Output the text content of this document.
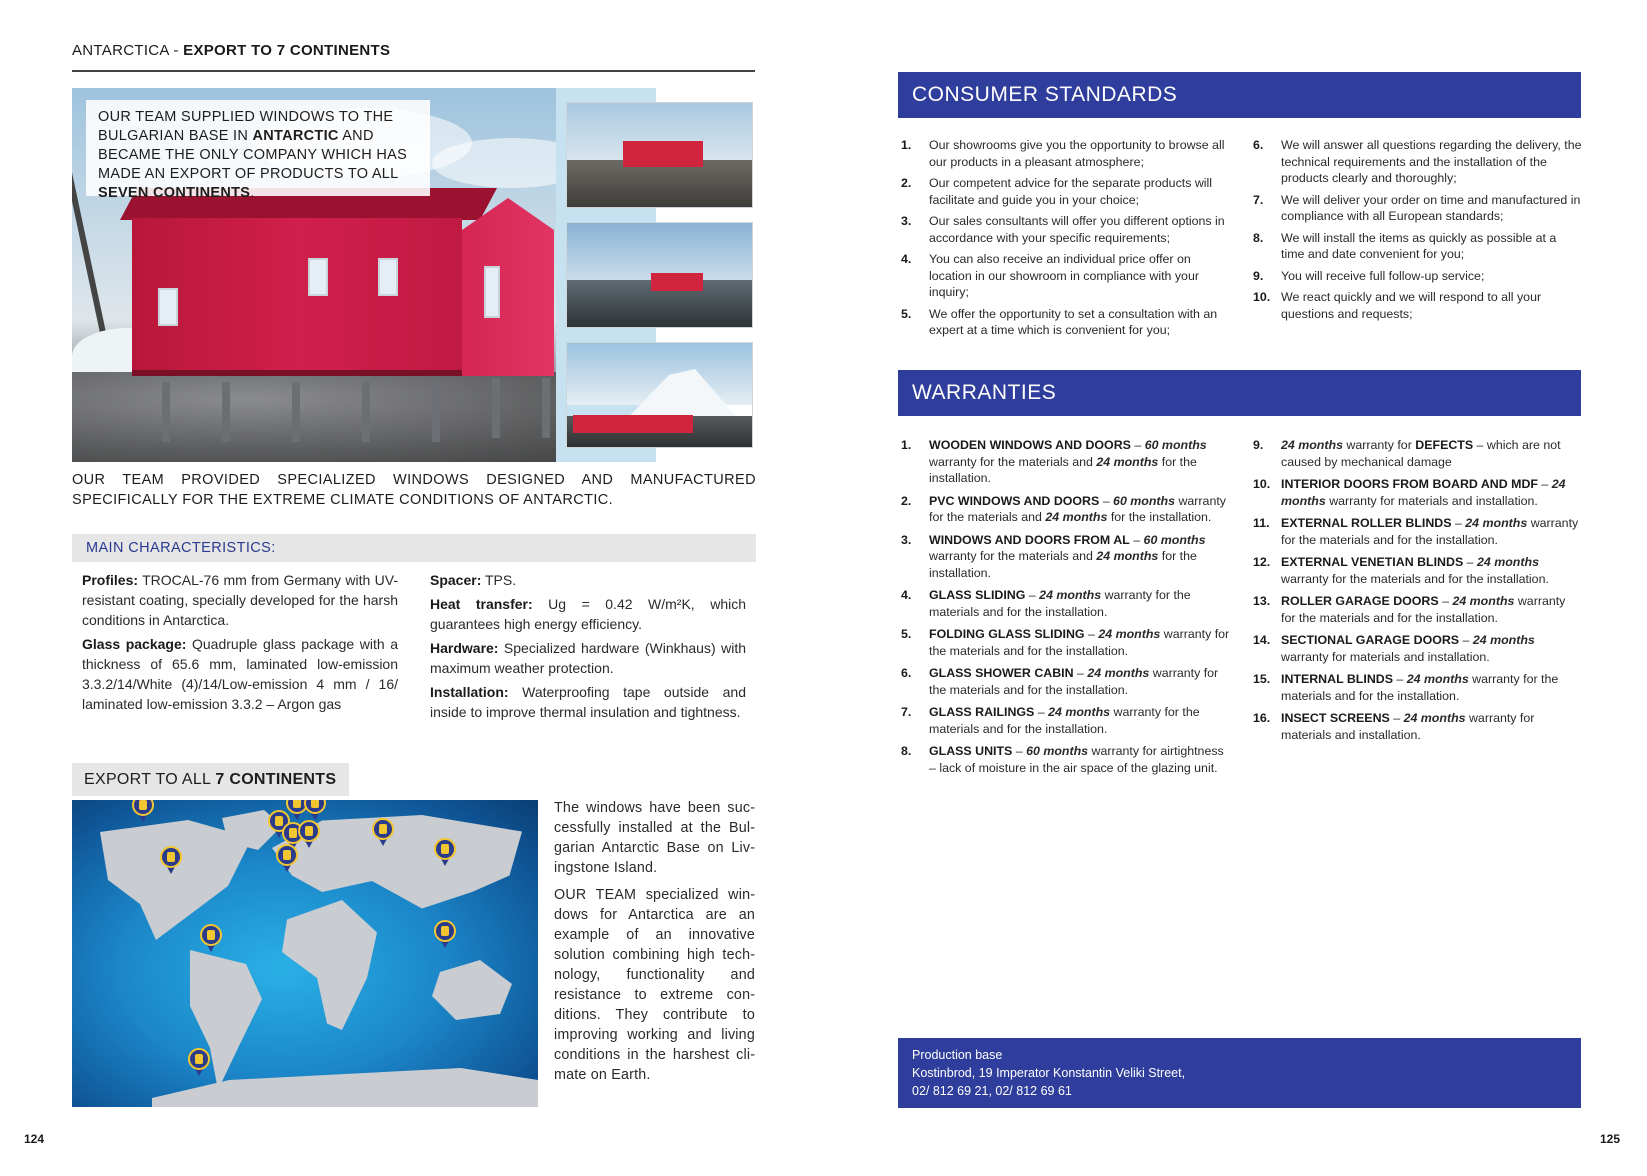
ANTARCTICA - EXPORT TO 7 CONTINENTS
OUR TEAM SUPPLIED WINDOWS TO THE BULGARIAN BASE IN ANTARCTIC AND BECAME THE ONLY COMPANY WHICH HAS MADE AN EXPORT OF PRODUCTS TO ALL SEVEN CONTINENTS.
OUR TEAM PROVIDED SPECIALIZED WINDOWS DESIGNED AND MANUFACTURED SPECIFICALLY FOR THE EXTREME CLIMATE CONDITIONS OF ANTARCTIC.
MAIN CHARACTERISTICS:

Profiles: TROCAL-76 mm from Germany with UV-resistant coating, specially developed for the harsh conditions in Antarctica.

Glass package: Quadruple glass package with a thickness of 65.6 mm, laminated low-emission 3.3.2/14/White (4)/14/Low-emission 4 mm / 16/ laminated low-emission 3.3.2 – Argon gas

Spacer: TPS.

Heat transfer: Ug = 0.42 W/m²K, which guarantees high energy efficiency.

Hardware: Specialized hardware (Winkhaus) with maximum weather protection.

Installation: Waterproofing tape outside and inside to improve thermal insulation and tightness.

EXPORT TO ALL 7 CONTINENTS

The windows have been successfully installed at the Bulgarian Antarctic Base on Livingstone Island.

OUR TEAM specialized windows for Antarctica are an example of an innovative solution combining high technology, functionality and resistance to extreme conditions. They contribute to improving working and living conditions in the harshest climate on Earth.

124
CONSUMER STANDARDS
1. Our showrooms give you the opportunity to browse all our products in a pleasant atmosphere;
2. Our competent advice for the separate products will facilitate and guide you in your choice;
3. Our sales consultants will offer you different options in accordance with your specific requirements;
4. You can also receive an individual price offer on location in our showroom in compliance with your inquiry;
5. We offer the opportunity to set a consultation with an expert at a time which is convenient for you;
6. We will answer all questions regarding the delivery, the technical requirements and the installation of the products clearly and thoroughly;
7. We will deliver your order on time and manufactured in compliance with all European standards;
8. We will install the items as quickly as possible at a time and date convenient for you;
9. You will receive full follow-up service;
10. We react quickly and we will respond to all your questions and requests;
WARRANTIES
1. WOODEN WINDOWS AND DOORS – 60 months warranty for the materials and 24 months for the installation.
2. PVC WINDOWS AND DOORS – 60 months warranty for the materials and 24 months for the installation.
3. WINDOWS AND DOORS FROM AL – 60 months warranty for the materials and 24 months for the installation.
4. GLASS SLIDING – 24 months warranty for the materials and for the installation.
5. FOLDING GLASS SLIDING – 24 months warranty for the materials and for the installation.
6. GLASS SHOWER CABIN – 24 months warranty for the materials and for the installation.
7. GLASS RAILINGS – 24 months warranty for the materials and for the installation.
8. GLASS UNITS – 60 months warranty for airtightness – lack of moisture in the air space of the glazing unit.
9. 24 months warranty for DEFECTS – which are not caused by mechanical damage
10. INTERIOR DOORS FROM BOARD AND MDF – 24 months warranty for materials and installation.
11. EXTERNAL ROLLER BLINDS – 24 months warranty for the materials and for the installation.
12. EXTERNAL VENETIAN BLINDS – 24 months warranty for the materials and for the installation.
13. ROLLER GARAGE DOORS – 24 months warranty for the materials and for the installation.
14. SECTIONAL GARAGE DOORS – 24 months warranty for materials and installation.
15. INTERNAL BLINDS – 24 months warranty for the materials and for the installation.
16. INSECT SCREENS – 24 months warranty for materials and installation.
Production base
Kostinbrod, 19 Imperator Konstantin Veliki Street,
02/ 812 69 21, 02/ 812 69 61
125
